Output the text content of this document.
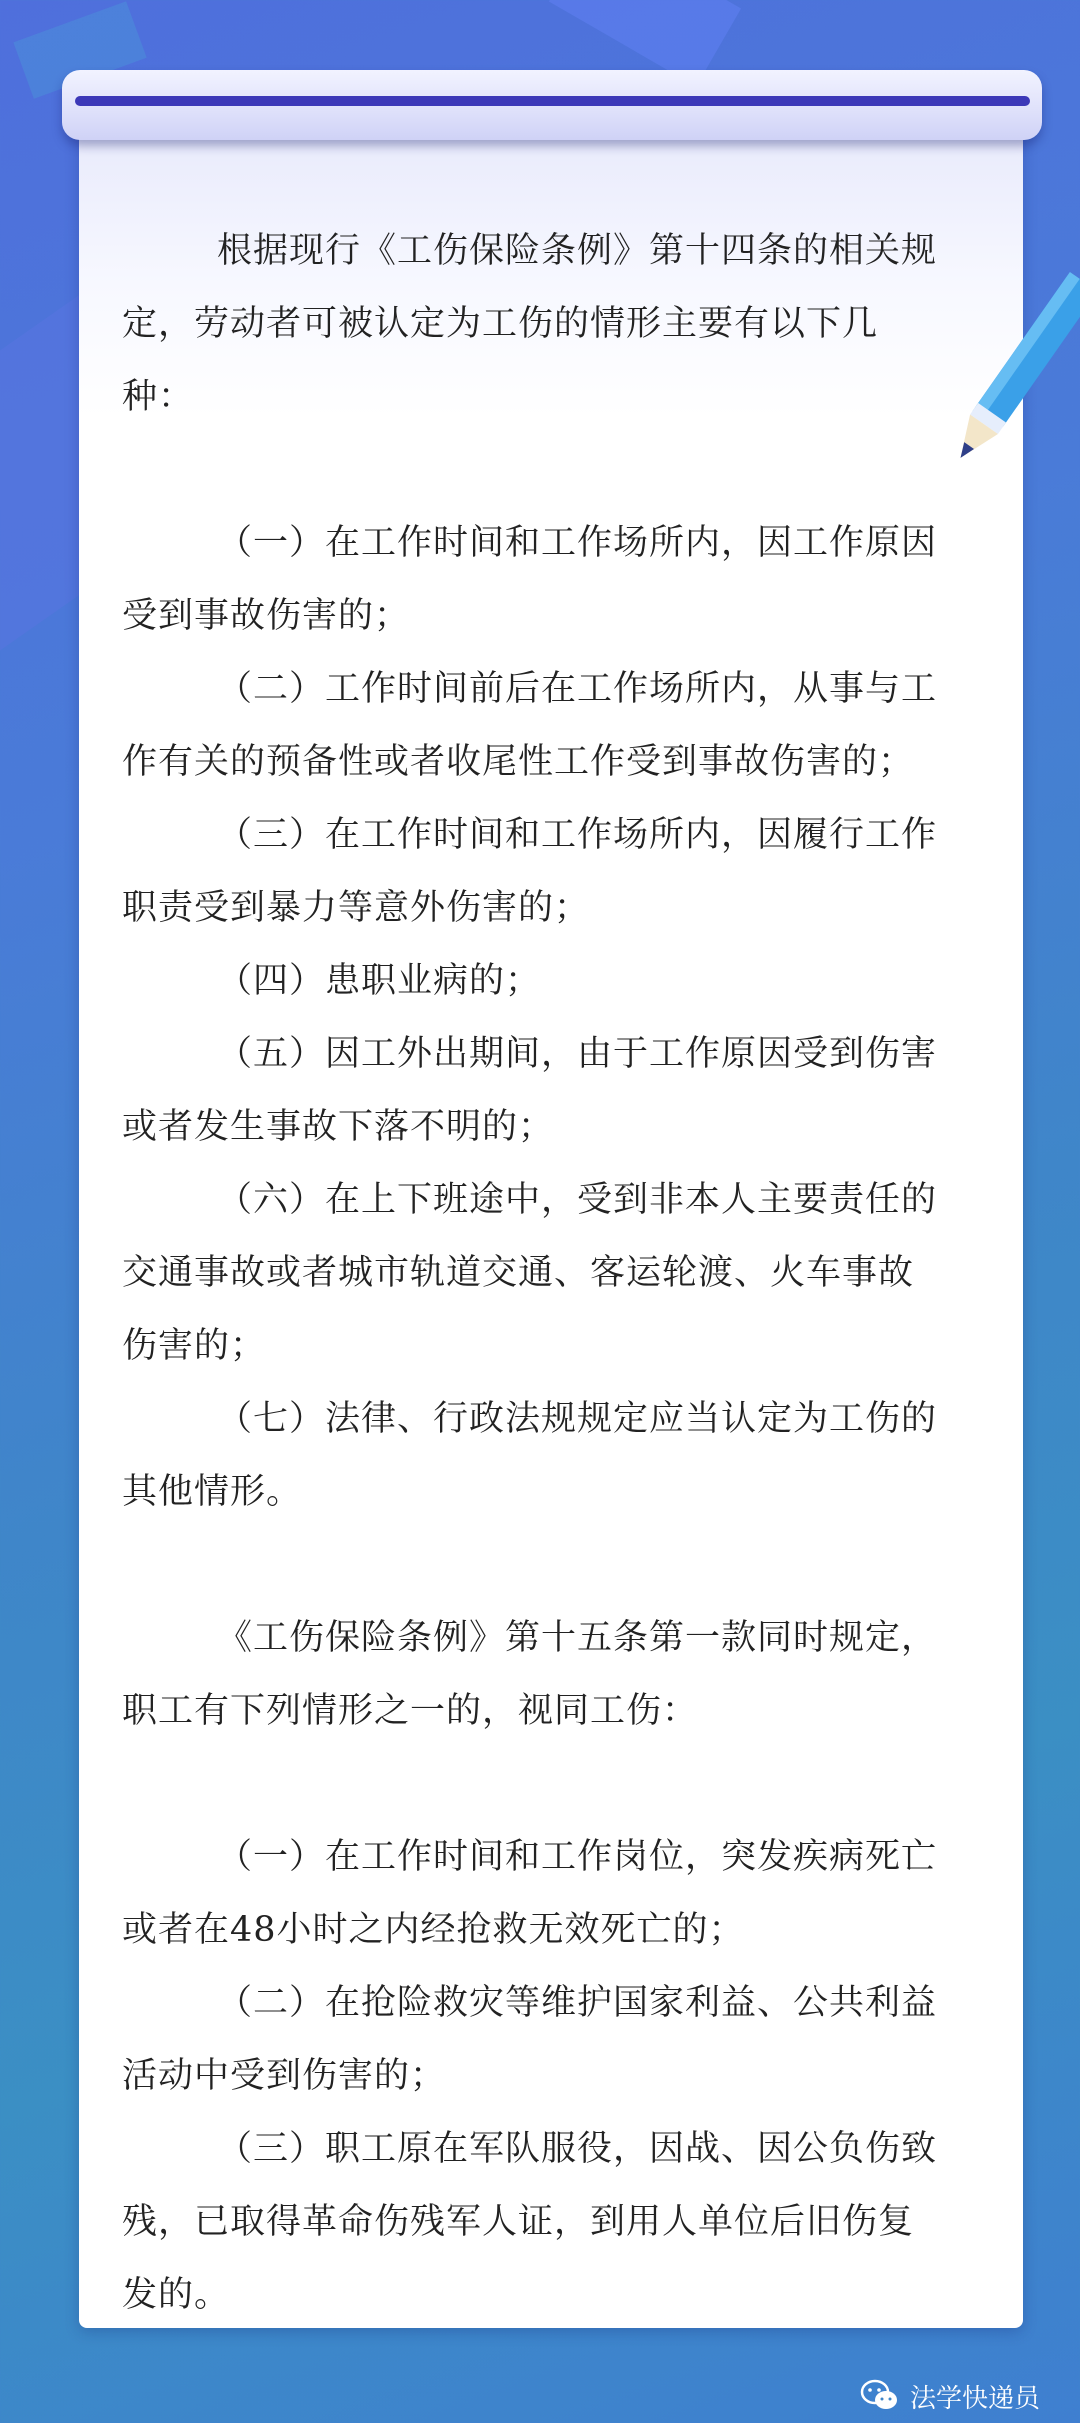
根据现行《工伤保险条例》第十四条的相关规
定，劳动者可被认定为工伤的情形主要有以下几
种：
（一）在工作时间和工作场所内，因工作原因
受到事故伤害的；
（二）工作时间前后在工作场所内，从事与工
作有关的预备性或者收尾性工作受到事故伤害的；
（三）在工作时间和工作场所内，因履行工作
职责受到暴力等意外伤害的；
（四）患职业病的；
（五）因工外出期间，由于工作原因受到伤害
或者发生事故下落不明的；
（六）在上下班途中，受到非本人主要责任的
交通事故或者城市轨道交通、客运轮渡、火车事故
伤害的；
（七）法律、行政法规规定应当认定为工伤的
其他情形。
《工伤保险条例》第十五条第一款同时规定，
职工有下列情形之一的，视同工伤：
（一）在工作时间和工作岗位，突发疾病死亡
或者在48小时之内经抢救无效死亡的；
（二）在抢险救灾等维护国家利益、公共利益
活动中受到伤害的；
（三）职工原在军队服役，因战、因公负伤致
残，已取得革命伤残军人证，到用人单位后旧伤复
发的。
法学快递员
